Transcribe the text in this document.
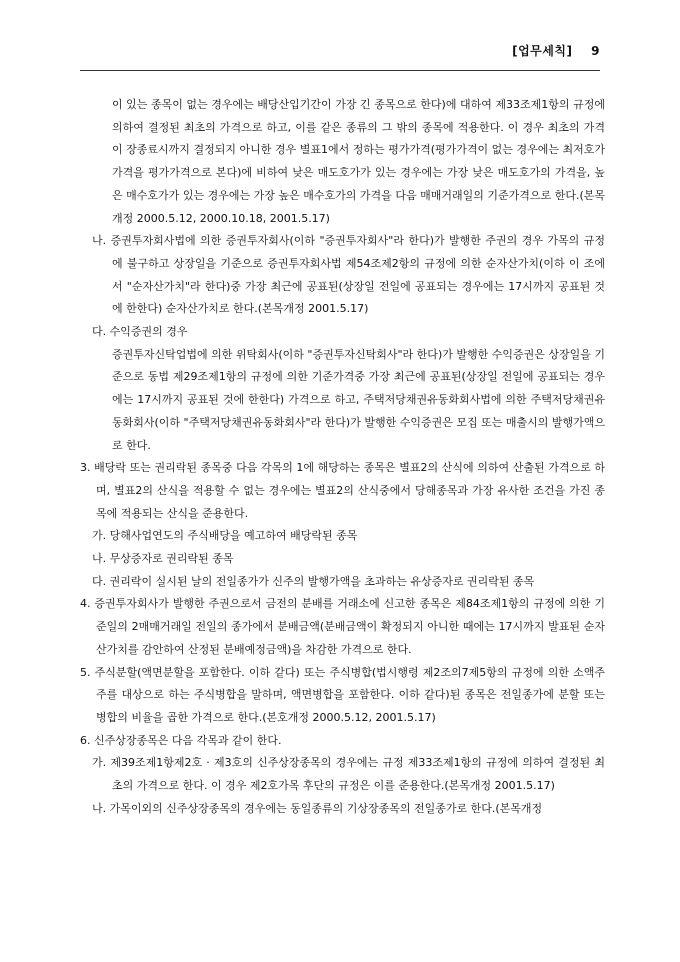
[업무세칙] 9

이 있는 종목이 없는 경우에는 배당산입기간이 가장 긴 종목으로 한다)에 대하여 제33조제1항의 규정에 의하여 결정된 최초의 가격으로 하고, 이를 같은 종류의 그 밖의 종목에 적용한다. 이 경우 최초의 가격이 장종료시까지 결정되지 아니한 경우 별표1에서 정하는 평가가격(평가가격이 없는 경우에는 최저호가가격을 평가가격으로 본다)에 비하여 낮은 매도호가가 있는 경우에는 가장 낮은 매도호가의 가격을, 높은 매수호가가 있는 경우에는 가장 높은 매수호가의 가격을 다음 매매거래일의 기준가격으로 한다.(본목개정 2000.5.12, 2000.10.18, 2001.5.17)

나. 증권투자회사법에 의한 증권투자회사(이하 "증권투자회사"라 한다)가 발행한 주권의 경우 가목의 규정에 불구하고 상장일을 기준으로 증권투자회사법 제54조제2항의 규정에 의한 순자산가치(이하 이 조에서 "순자산가치"라 한다)중 가장 최근에 공표된(상장일 전일에 공표되는 경우에는 17시까지 공표된 것에 한한다) 순자산가치로 한다.(본목개정 2001.5.17)

다. 수익증권의 경우

증권투자신탁업법에 의한 위탁회사(이하 "증권투자신탁회사"라 한다)가 발행한 수익증권은 상장일을 기준으로 동법 제29조제1항의 규정에 의한 기준가격중 가장 최근에 공표된(상장일 전일에 공표되는 경우에는 17시까지 공표된 것에 한한다) 가격으로 하고, 주택저당채권유동화회사법에 의한 주택저당채권유동화회사(이하 "주택저당채권유동화회사"라 한다)가 발행한 수익증권은 모집 또는 매출시의 발행가액으로 한다.

3. 배당락 또는 권리락된 종목중 다음 각목의 1에 해당하는 종목은 별표2의 산식에 의하여 산출된 가격으로 하며, 별표2의 산식을 적용할 수 없는 경우에는 별표2의 산식중에서 당해종목과 가장 유사한 조건을 가진 종목에 적용되는 산식을 준용한다.

가. 당해사업연도의 주식배당을 예고하여 배당락된 종목

나. 무상증자로 권리락된 종목

다. 권리락이 실시된 날의 전일종가가 신주의 발행가액을 초과하는 유상증자로 권리락된 종목

4. 증권투자회사가 발행한 주권으로서 금전의 분배를 거래소에 신고한 종목은 제84조제1항의 규정에 의한 기준일의 2매매거래일 전일의 종가에서 분배금액(분배금액이 확정되지 아니한 때에는 17시까지 발표된 순자산가치를 감안하여 산정된 분배예정금액)을 차감한 가격으로 한다.

5. 주식분할(액면분할을 포함한다. 이하 같다) 또는 주식병합(법시행령 제2조의7제5항의 규정에 의한 소액주주를 대상으로 하는 주식병합을 말하며, 액면병합을 포함한다. 이하 같다)된 종목은 전일종가에 분할 또는 병합의 비율을 곱한 가격으로 한다.(본호개정 2000.5.12, 2001.5.17)

6. 신주상장종목은 다음 각목과 같이 한다.

가. 제39조제1항제2호 · 제3호의 신주상장종목의 경우에는 규정 제33조제1항의 규정에 의하여 결정된 최초의 가격으로 한다. 이 경우 제2호가목 후단의 규정은 이를 준용한다.(본목개정 2001.5.17)

나. 가목이외의 신주상장종목의 경우에는 동일종류의 기상장종목의 전일종가로 한다.(본목개정
